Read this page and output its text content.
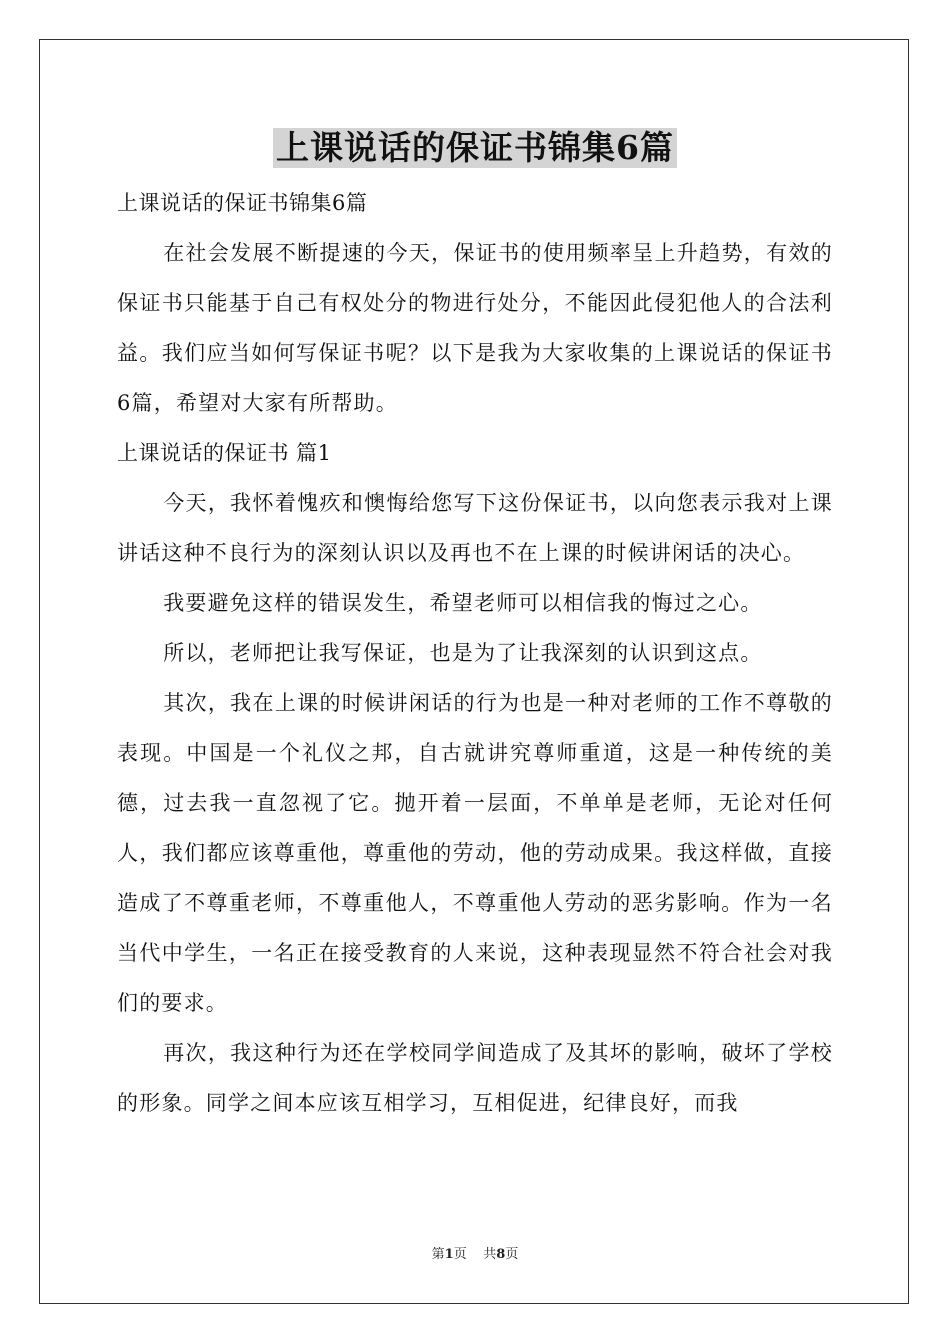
上课说话的保证书锦集6篇

上课说话的保证书锦集6篇

在社会发展不断提速的今天，保证书的使用频率呈上升趋势，有效的保证书只能基于自己有权处分的物进行处分，不能因此侵犯他人的合法利益。我们应当如何写保证书呢？以下是我为大家收集的上课说话的保证书6篇，希望对大家有所帮助。

上课说话的保证书 篇1

今天，我怀着愧疚和懊悔给您写下这份保证书，以向您表示我对上课讲话这种不良行为的深刻认识以及再也不在上课的时候讲闲话的决心。

我要避免这样的错误发生，希望老师可以相信我的悔过之心。

所以，老师把让我写保证，也是为了让我深刻的认识到这点。

其次，我在上课的时候讲闲话的行为也是一种对老师的工作不尊敬的表现。中国是一个礼仪之邦，自古就讲究尊师重道，这是一种传统的美德，过去我一直忽视了它。抛开着一层面，不单单是老师，无论对任何人，我们都应该尊重他，尊重他的劳动，他的劳动成果。我这样做，直接造成了不尊重老师，不尊重他人，不尊重他人劳动的恶劣影响。作为一名当代中学生，一名正在接受教育的人来说，这种表现显然不符合社会对我们的要求。

再次，我这种行为还在学校同学间造成了及其坏的影响，破坏了学校的形象。同学之间本应该互相学习，互相促进，纪律良好，而我

第1页 共8页
